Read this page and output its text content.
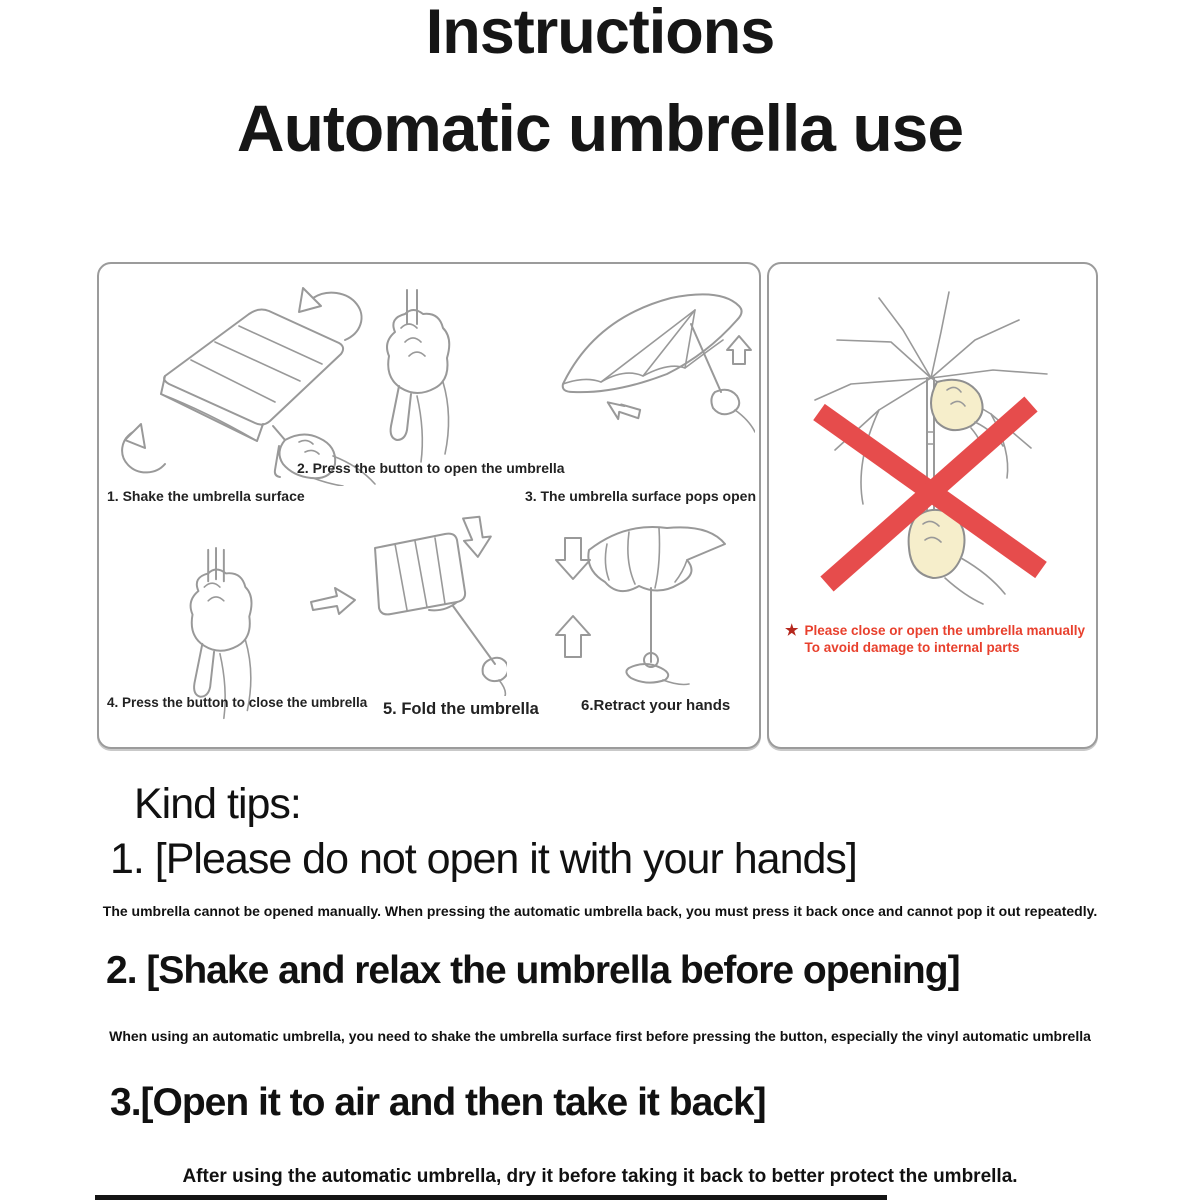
Instructions
Automatic umbrella use
2. Press the button to open the umbrella
1. Shake the umbrella surface	3. The umbrella surface pops open
4. Press the button to close the umbrella 5. Fold the umbrella	6.Retract your hands
★ Please close or open the umbrella manually
To avoid damage to internal parts
Kind tips:
1. [Please do not open it with your hands]
The umbrella cannot be opened manually. When pressing the automatic umbrella back, you must press it back once and cannot pop it out repeatedly.
2. [Shake and relax the umbrella before opening]
When using an automatic umbrella, you need to shake the umbrella surface first before pressing the button, especially the vinyl automatic umbrella
3.[Open it to air and then take it back]
After using the automatic umbrella, dry it before taking it back to better protect the umbrella.
